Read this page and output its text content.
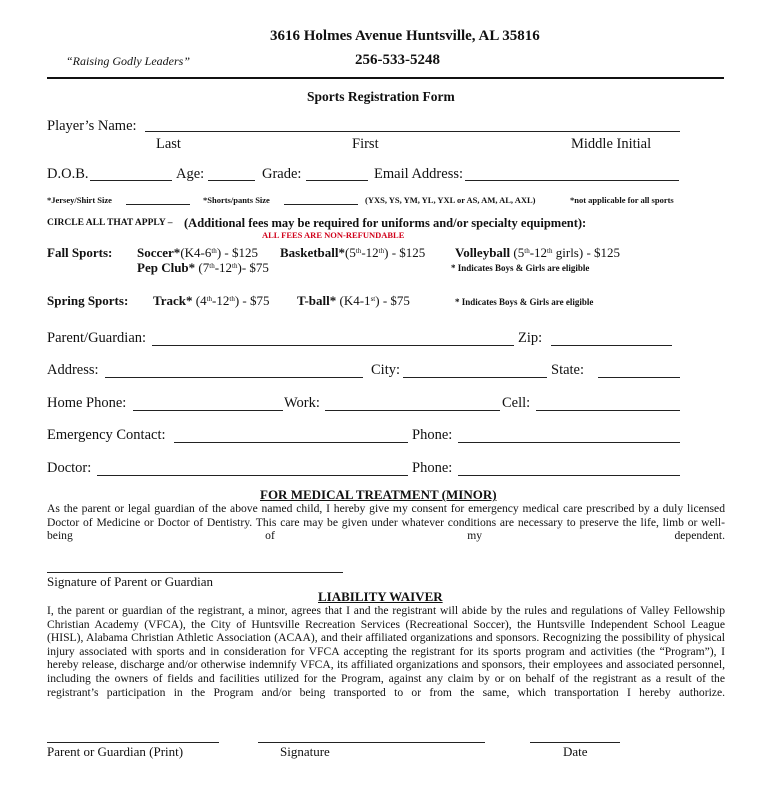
3616 Holmes Avenue Huntsville, AL 35816
“Raising Godly Leaders”	256-533-5248
Sports Registration Form
Player’s Name:
Last	First	Middle Initial
D.O.B.	Age:	Grade:	Email Address:
*Jersey/Shirt Size	*Shorts/pants Size	(YXS, YS, YM, YL, YXL or AS, AM, AL, AXL)	*not applicable for all sports
CIRCLE ALL THAT APPLY – (Additional fees may be required for uniforms and/or specialty equipment):
ALL FEES ARE NON-REFUNDABLE
Fall Sports: Soccer*(K4-6th) - $125 Basketball*(5th-12th) - $125 Volleyball (5th-12th girls) - $125
Pep Club* (7th-12th)- $75	* Indicates Boys & Girls are eligible
Spring Sports: Track* (4th-12th) - $75 T-ball* (K4-1st) - $75	* Indicates Boys & Girls are eligible
Parent/Guardian:	Zip:
Address:	City:	State:
Home Phone:	Work:	Cell:
Emergency Contact:	Phone:
Doctor:	Phone:
FOR MEDICAL TREATMENT (MINOR)
As the parent or legal guardian of the above named child, I hereby give my consent for emergency medical care prescribed by a duly licensed Doctor of Medicine or Doctor of Dentistry. This care may be given under whatever conditions are necessary to preserve the life, limb or well-being of my dependent.
Signature of Parent or Guardian
LIABILITY WAIVER
I, the parent or guardian of the registrant, a minor, agrees that I and the registrant will abide by the rules and regulations of Valley Fellowship Christian Academy (VFCA), the City of Huntsville Recreation Services (Recreational Soccer), the Huntsville Independent School League (HISL), Alabama Christian Athletic Association (ACAA), and their affiliated organizations and sponsors. Recognizing the possibility of physical injury associated with sports and in consideration for VFCA accepting the registrant for its sports program and activities (the “Program”), I hereby release, discharge and/or otherwise indemnify VFCA, its affiliated organizations and sponsors, their employees and associated personnel, including the owners of fields and facilities utilized for the Program, against any claim by or on behalf of the registrant as a result of the registrant’s participation in the Program and/or being transported to or from the same, which transportation I hereby authorize.
Parent or Guardian (Print)	Signature	Date
